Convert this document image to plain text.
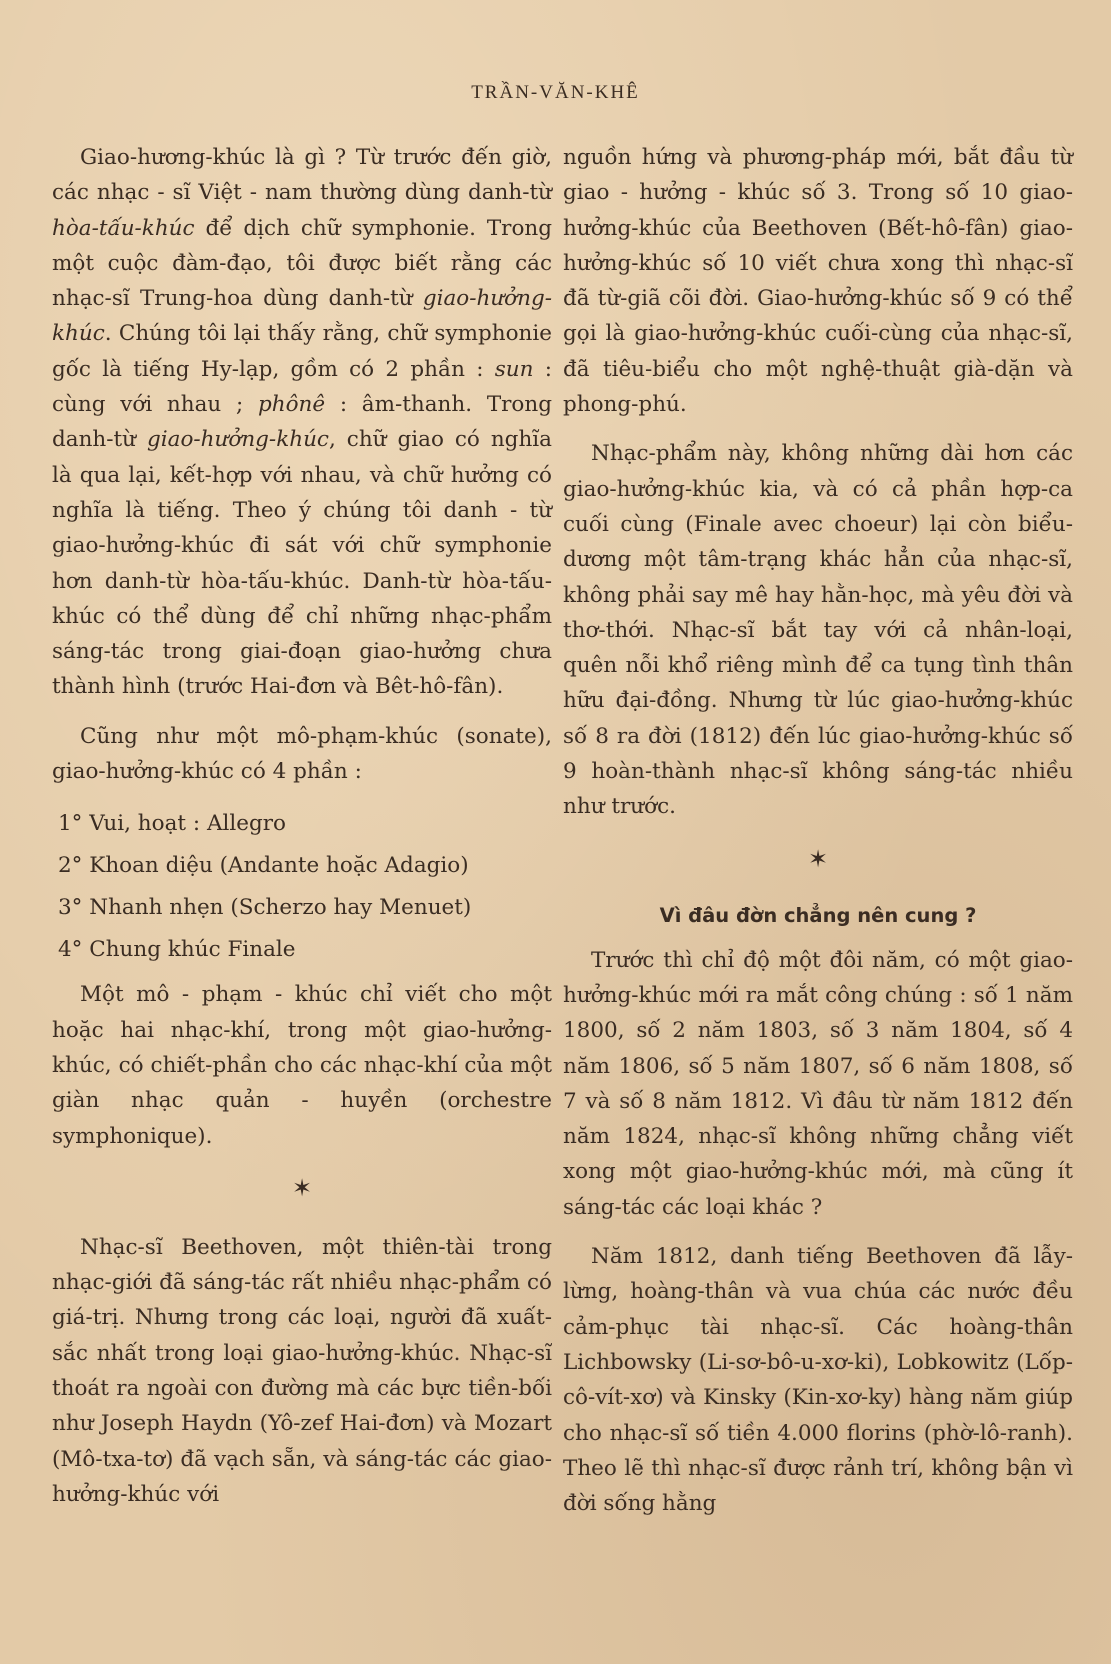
TRẦN-VĂN-KHÊ

Giao-hương-khúc là gì ? Từ trước đến giờ, các nhạc - sĩ Việt - nam thường dùng danh-từ hòa-tấu-khúc để dịch chữ symphonie. Trong một cuộc đàm-đạo, tôi được biết rằng các nhạc-sĩ Trung-hoa dùng danh-từ giao-hưởng-khúc. Chúng tôi lại thấy rằng, chữ symphonie gốc là tiếng Hy-lạp, gồm có 2 phần : sun : cùng với nhau ; phônê : âm-thanh. Trong danh-từ giao-hưởng-khúc, chữ giao có nghĩa là qua lại, kết-hợp với nhau, và chữ hưởng có nghĩa là tiếng. Theo ý chúng tôi danh - từ giao-hưởng-khúc đi sát với chữ symphonie hơn danh-từ hòa-tấu-khúc. Danh-từ hòa-tấu-khúc có thể dùng để chỉ những nhạc-phẩm sáng-tác trong giai-đoạn giao-hưởng chưa thành hình (trước Hai-đơn và Bêt-hô-fân).

Cũng như một mô-phạm-khúc (sonate), giao-hưởng-khúc có 4 phần :

1° Vui, hoạt : Allegro
2° Khoan diệu (Andante hoặc Adagio)
3° Nhanh nhẹn (Scherzo hay Menuet)
4° Chung khúc Finale

Một mô - phạm - khúc chỉ viết cho một hoặc hai nhạc-khí, trong một giao-hưởng-khúc, có chiết-phần cho các nhạc-khí của một giàn nhạc quản - huyền (orchestre symphonique).

✶

Nhạc-sĩ Beethoven, một thiên-tài trong nhạc-giới đã sáng-tác rất nhiều nhạc-phẩm có giá-trị. Nhưng trong các loại, người đã xuất-sắc nhất trong loại giao-hưởng-khúc. Nhạc-sĩ thoát ra ngoài con đường mà các bực tiền-bối như Joseph Haydn (Yô-zef Hai-đơn) và Mozart (Mô-txa-tơ) đã vạch sẵn, và sáng-tác các giao-hưởng-khúc với

nguồn hứng và phương-pháp mới, bắt đầu từ giao - hưởng - khúc số 3. Trong số 10 giao-hưởng-khúc của Beethoven (Bết-hô-fân) giao-hưởng-khúc số 10 viết chưa xong thì nhạc-sĩ đã từ-giã cõi đời. Giao-hưởng-khúc số 9 có thể gọi là giao-hưởng-khúc cuối-cùng của nhạc-sĩ, đã tiêu-biểu cho một nghệ-thuật già-dặn và phong-phú.

Nhạc-phẩm này, không những dài hơn các giao-hưởng-khúc kia, và có cả phần hợp-ca cuối cùng (Finale avec choeur) lại còn biểu-dương một tâm-trạng khác hẳn của nhạc-sĩ, không phải say mê hay hằn-học, mà yêu đời và thơ-thới. Nhạc-sĩ bắt tay với cả nhân-loại, quên nỗi khổ riêng mình để ca tụng tình thân hữu đại-đồng. Nhưng từ lúc giao-hưởng-khúc số 8 ra đời (1812) đến lúc giao-hưởng-khúc số 9 hoàn-thành nhạc-sĩ không sáng-tác nhiều như trước.

✶
Vì đâu đờn chẳng nên cung ?

Trước thì chỉ độ một đôi năm, có một giao-hưởng-khúc mới ra mắt công chúng : số 1 năm 1800, số 2 năm 1803, số 3 năm 1804, số 4 năm 1806, số 5 năm 1807, số 6 năm 1808, số 7 và số 8 năm 1812. Vì đâu từ năm 1812 đến năm 1824, nhạc-sĩ không những chẳng viết xong một giao-hưởng-khúc mới, mà cũng ít sáng-tác các loại khác ?

Năm 1812, danh tiếng Beethoven đã lẫy-lừng, hoàng-thân và vua chúa các nước đều cảm-phục tài nhạc-sĩ. Các hoàng-thân Lichbowsky (Li-sơ-bô-u-xơ-ki), Lobkowitz (Lốp-cô-vít-xơ) và Kinsky (Kin-xơ-ky) hàng năm giúp cho nhạc-sĩ số tiền 4.000 florins (phờ-lô-ranh). Theo lẽ thì nhạc-sĩ được rảnh trí, không bận vì đời sống hằng
